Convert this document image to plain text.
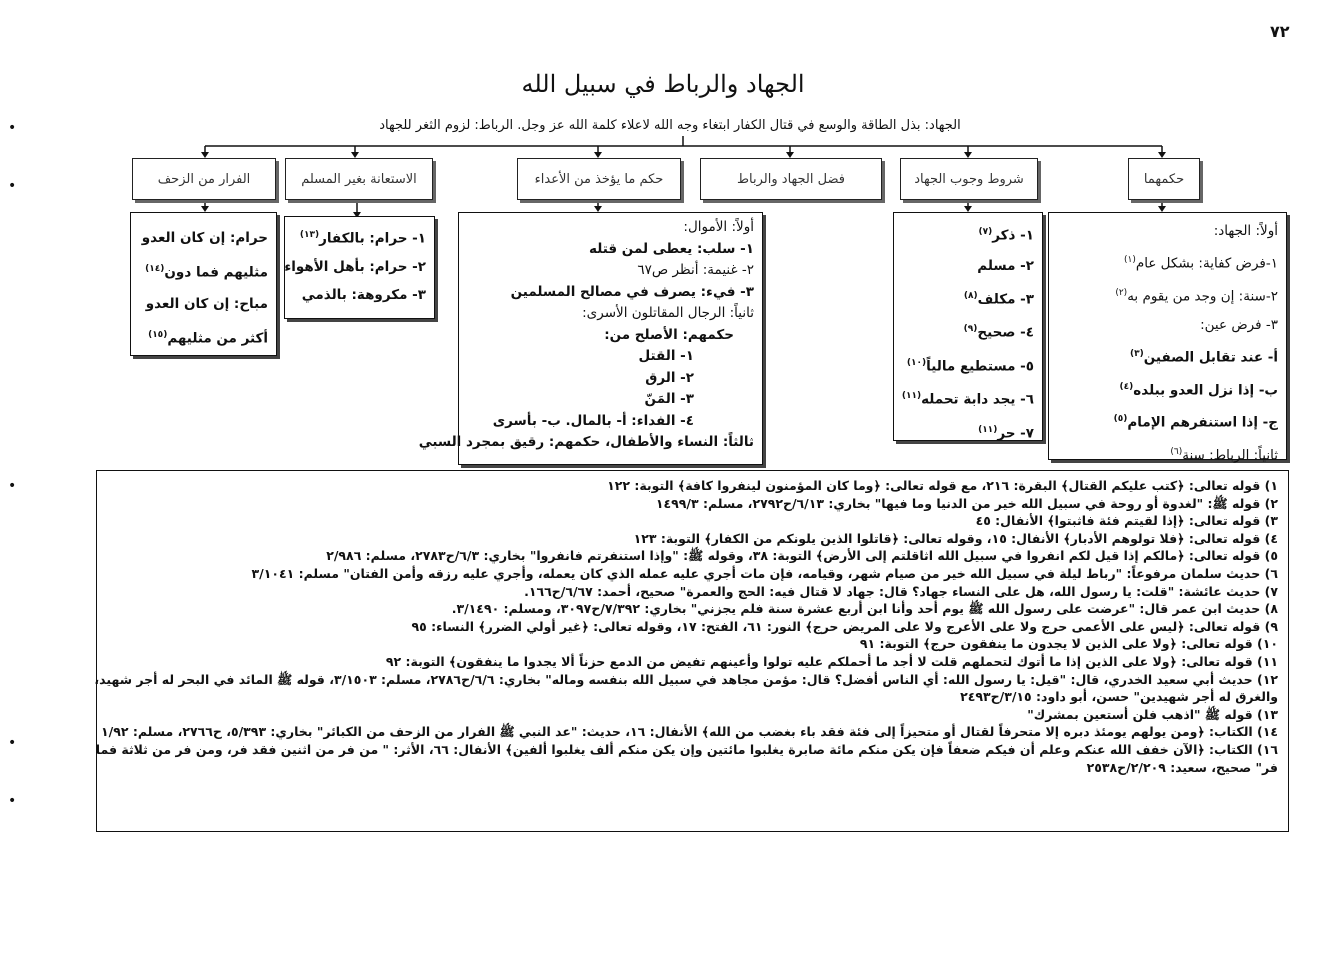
٧٢
الجهاد والرباط في سبيل الله
الجهاد: بذل الطاقة والوسع في قتال الكفار ابتغاء وجه الله لاعلاء كلمة الله عز وجل. الرباط: لزوم الثغر للجهاد
الفرار من الزحف	الاستعانة بغير المسلم	حكم ما يؤخذ من الأعداء	فضل الجهاد والرباط	شروط وجوب الجهاد	حكمهما
أولاً: الجهاد:
١-فرض كفاية: بشكل عام$^{(١)}$
٢-سنة: إن وجد من يقوم به$^{(٢)}$
٣- فرض عين:
أ- عند تقابل الصفين$^{(٣)}$
ب- إذا نزل العدو ببلده$^{(٤)}$
ج- إذا استنفرهم الإمام$^{(٥)}$
ثانياً: الرباط: سنة$^{(٦)}$
١- ذكر$^{(٧)}$
٢- مسلم
٣- مكلف$^{(٨)}$
٤- صحيح$^{(٩)}$
٥- مستطيع مالياً$^{(١٠)}$
٦- يجد دابة تحمله$^{(١١)}$
٧- حر$^{(١١)}$
أولاً: الأموال:
١- سلب: يعطى لمن قتله
٢- غنيمة: أنظر ص٦٧
٣- فيء: يصرف في مصالح المسلمين
ثانياً: الرجال المقاتلون الأسرى:
حكمهم: الأصلح من:
١- القتل
٢- الرق
٣- المَنّ
٤- الفداء: أ- بالمال. ب- بأسرى
ثالثاً: النساء والأطفال، حكمهم: رقيق بمجرد السبي
١- حرام: بالكفار$^{(١٣)}$
٢- حرام: بأهل الأهواء
٣- مكروهة: بالذمي
حرام: إن كان العدو
مثليهم فما دون$^{(١٤)}$
مباح: إن كان العدو
أكثر من مثليهم$^{(١٥)}$
١) قوله تعالى: ﴿كتب عليكم القتال﴾ البقرة: ٢١٦، مع قوله تعالى: ﴿وما كان المؤمنون لينفروا كافة﴾ التوبة: ١٢٢
٢) قوله ﷺ: "لغدوة أو روحة في سبيل الله خير من الدنيا وما فيها" بخاري: ٦/١٣/ح٢٧٩٢، مسلم: ١٤٩٩/٣
٣) قوله تعالى: ﴿إذا لقيتم فئة فاثبتوا﴾ الأنفال: ٤٥
٤) قوله تعالى: ﴿فلا تولوهم الأدبار﴾ الأنفال: ١٥، وقوله تعالى: ﴿قاتلوا الذين يلونكم من الكفار﴾ التوبة: ١٢٣
٥) قوله تعالى: ﴿مالكم إذا قيل لكم انفروا في سبيل الله اثاقلتم إلى الأرض﴾ التوبة: ٣٨، وقوله ﷺ: "وإذا استنفرتم فانفروا" بخاري: ٦/٣/ح٢٧٨٣، مسلم: ٢/٩٨٦
٦) حديث سلمان مرفوعاً: "رباط ليلة في سبيل الله خير من صيام شهر، وقيامه، فإن مات أجري عليه عمله الذي كان يعمله، وأجري عليه رزقه وأمن الفتان" مسلم: ٣/١٠٤١
٧) حديث عائشة: "قلت: يا رسول الله، هل على النساء جهاد؟ قال: جهاد لا قتال فيه: الحج والعمرة" صحيح، أحمد: ٦/٦٧/ح١٦٦.
٨) حديث ابن عمر قال: "عرضت على رسول الله ﷺ يوم أحد وأنا ابن أربع عشرة سنة فلم يجزني" بخاري: ٧/٣٩٢/ح٣٠٩٧، ومسلم: ٣/١٤٩٠.
٩) قوله تعالى: ﴿ليس على الأعمى حرج ولا على الأعرج ولا على المريض حرج﴾ النور: ٦١، الفتح: ١٧، وقوله تعالى: ﴿غير أولي الضرر﴾ النساء: ٩٥
١٠) قوله تعالى: ﴿ولا على الذين لا يجدون ما ينفقون حرج﴾ التوبة: ٩١
١١) قوله تعالى: ﴿ولا على الذين إذا ما أتوك لتحملهم قلت لا أجد ما أحملكم عليه تولوا وأعينهم تفيض من الدمع حزناً ألا يجدوا ما ينفقون﴾ التوبة: ٩٢
١٢) حديث أبي سعيد الخدري، قال: "قيل: يا رسول الله: أي الناس أفضل؟ قال: مؤمن مجاهد في سبيل الله بنفسه وماله" بخاري: ٦/٦/ح٢٧٨٦، مسلم: ٣/١٥٠٣، قوله ﷺ المائد في البحر له أجر شهيد،
والغرق له أجر شهيدين" حسن، أبو داود: ٣/١٥/ح٢٤٩٣
١٣) قوله ﷺ "اذهب فلن أستعين بمشرك"
١٤) الكتاب: ﴿ومن يولهم يومئذ دبره إلا متحرفاً لقتال أو متحيزاً إلى فئة فقد باء بغضب من الله﴾ الأنفال: ١٦، حديث: "عد النبي ﷺ الفرار من الزحف من الكبائر" بخاري: ٥/٣٩٣، ح٢٧٦٦، مسلم: ١/٩٢
١٦) الكتاب: ﴿الآن خفف الله عنكم وعلم أن فيكم ضعفاً فإن يكن منكم مائة صابرة يغلبوا مائتين وإن يكن منكم ألف يغلبوا ألفين﴾ الأنفال: ٦٦، الأثر: " من فر من اثنين فقد فر، ومن فر من ثلاثة فما
فر" صحيح، سعيد: ٢/٢٠٩/ح٢٥٣٨
•
•
•
•
•
